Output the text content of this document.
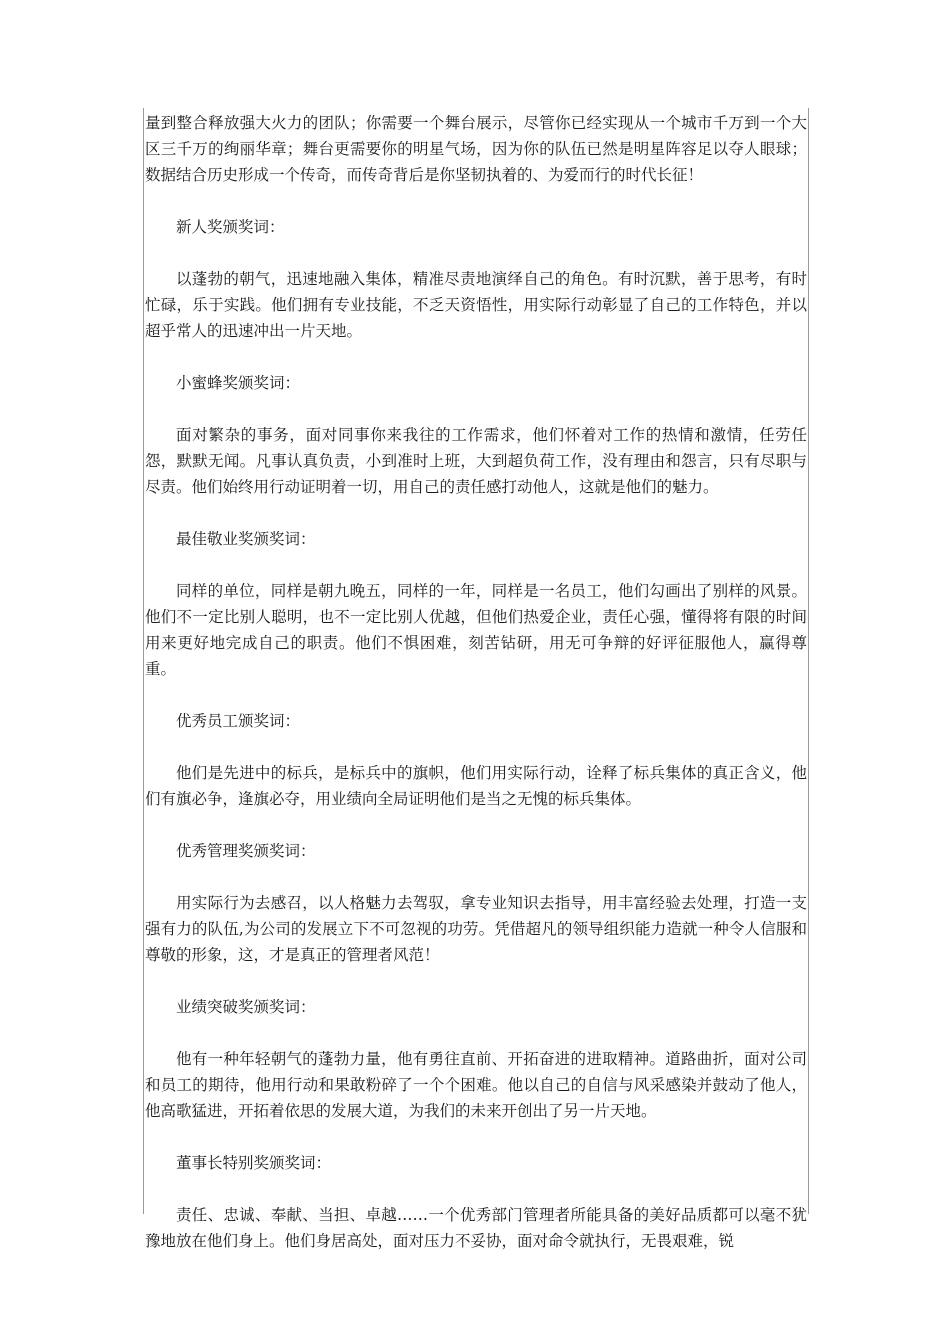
量到整合释放强大火力的团队；你需要一个舞台展示，尽管你已经实现从一个城市千万到一个大区三千万的绚丽华章；舞台更需要你的明星气场，因为你的队伍已然是明星阵容足以夺人眼球；数据结合历史形成一个传奇，而传奇背后是你坚韧执着的、为爱而行的时代长征！

新人奖颁奖词：

以蓬勃的朝气，迅速地融入集体，精准尽责地演绎自己的角色。有时沉默，善于思考，有时忙碌，乐于实践。他们拥有专业技能，不乏天资悟性，用实际行动彰显了自己的工作特色，并以超乎常人的迅速冲出一片天地。

小蜜蜂奖颁奖词：

面对繁杂的事务，面对同事你来我往的工作需求，他们怀着对工作的热情和激情，任劳任怨，默默无闻。凡事认真负责，小到准时上班，大到超负荷工作，没有理由和怨言，只有尽职与尽责。他们始终用行动证明着一切，用自己的责任感打动他人，这就是他们的魅力。

最佳敬业奖颁奖词：

同样的单位，同样是朝九晚五，同样的一年，同样是一名员工，他们勾画出了别样的风景。他们不一定比别人聪明，也不一定比别人优越，但他们热爱企业，责任心强，懂得将有限的时间用来更好地完成自己的职责。他们不惧困难，刻苦钻研，用无可争辩的好评征服他人，赢得尊重。

优秀员工颁奖词：

他们是先进中的标兵，是标兵中的旗帜，他们用实际行动，诠释了标兵集体的真正含义，他们有旗必争，逢旗必夺，用业绩向全局证明他们是当之无愧的标兵集体。

优秀管理奖颁奖词：

用实际行为去感召，以人格魅力去驾驭，拿专业知识去指导，用丰富经验去处理，打造一支强有力的队伍,为公司的发展立下不可忽视的功劳。凭借超凡的领导组织能力造就一种令人信服和尊敬的形象，这，才是真正的管理者风范！

业绩突破奖颁奖词：

他有一种年轻朝气的蓬勃力量，他有勇往直前、开拓奋进的进取精神。道路曲折，面对公司和员工的期待，他用行动和果敢粉碎了一个个困难。他以自己的自信与风采感染并鼓动了他人，他高歌猛进，开拓着依思的发展大道，为我们的未来开创出了另一片天地。

董事长特别奖颁奖词：

责任、忠诚、奉献、当担、卓越……一个优秀部门管理者所能具备的美好品质都可以毫不犹豫地放在他们身上。他们身居高处，面对压力不妥协，面对命令就执行，无畏艰难，锐
